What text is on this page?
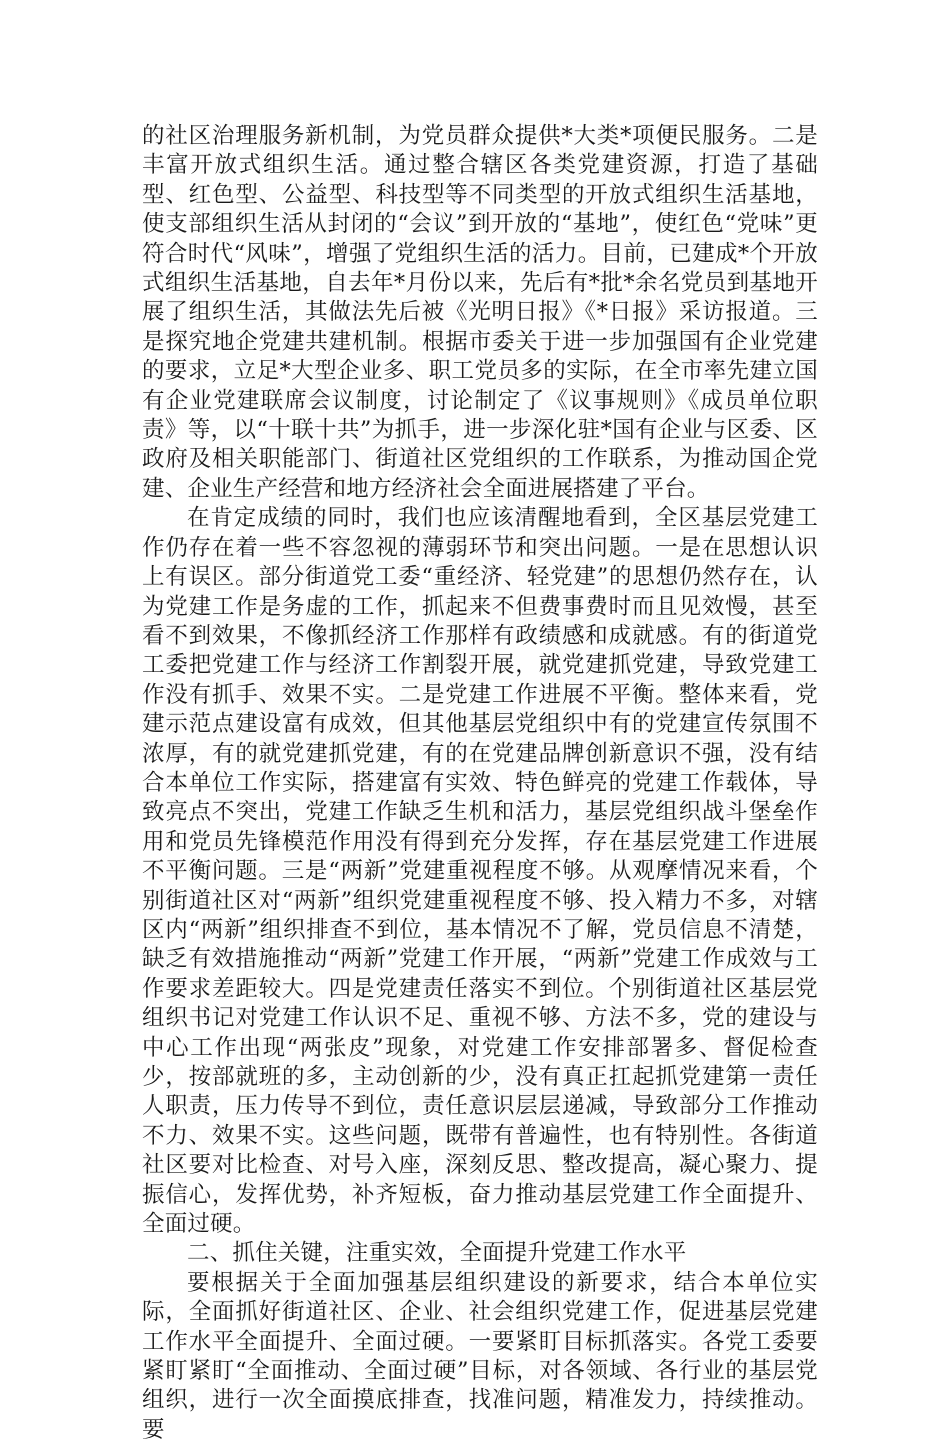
的社区治理服务新机制，为党员群众提供*大类*项便民服务。二是丰富开放式组织生活。通过整合辖区各类党建资源，打造了基础型、红色型、公益型、科技型等不同类型的开放式组织生活基地，使支部组织生活从封闭的“会议”到开放的“基地”，使红色“党味”更符合时代“风味”，增强了党组织生活的活力。目前，已建成*个开放式组织生活基地，自去年*月份以来，先后有*批*余名党员到基地开展了组织生活，其做法先后被《光明日报》《*日报》采访报道。三是探究地企党建共建机制。根据市委关于进一步加强国有企业党建的要求，立足*大型企业多、职工党员多的实际，在全市率先建立国有企业党建联席会议制度，讨论制定了《议事规则》《成员单位职责》等，以“十联十共”为抓手，进一步深化驻*国有企业与区委、区政府及相关职能部门、街道社区党组织的工作联系，为推动国企党建、企业生产经营和地方经济社会全面进展搭建了平台。

在肯定成绩的同时，我们也应该清醒地看到，全区基层党建工作仍存在着一些不容忽视的薄弱环节和突出问题。一是在思想认识上有误区。部分街道党工委“重经济、轻党建”的思想仍然存在，认为党建工作是务虚的工作，抓起来不但费事费时而且见效慢，甚至看不到效果，不像抓经济工作那样有政绩感和成就感。有的街道党工委把党建工作与经济工作割裂开展，就党建抓党建，导致党建工作没有抓手、效果不实。二是党建工作进展不平衡。整体来看，党建示范点建设富有成效，但其他基层党组织中有的党建宣传氛围不浓厚，有的就党建抓党建，有的在党建品牌创新意识不强，没有结合本单位工作实际，搭建富有实效、特色鲜亮的党建工作载体，导致亮点不突出，党建工作缺乏生机和活力，基层党组织战斗堡垒作用和党员先锋模范作用没有得到充分发挥，存在基层党建工作进展不平衡问题。三是“两新”党建重视程度不够。从观摩情况来看，个别街道社区对“两新”组织党建重视程度不够、投入精力不多，对辖区内“两新”组织排查不到位，基本情况不了解，党员信息不清楚，缺乏有效措施推动“两新”党建工作开展，“两新”党建工作成效与工作要求差距较大。四是党建责任落实不到位。个别街道社区基层党组织书记对党建工作认识不足、重视不够、方法不多，党的建设与中心工作出现“两张皮”现象，对党建工作安排部署多、督促检查少，按部就班的多，主动创新的少，没有真正扛起抓党建第一责任人职责，压力传导不到位，责任意识层层递减，导致部分工作推动不力、效果不实。这些问题，既带有普遍性，也有特别性。各街道社区要对比检查、对号入座，深刻反思、整改提高，凝心聚力、提振信心，发挥优势，补齐短板，奋力推动基层党建工作全面提升、全面过硬。

二、抓住关键，注重实效，全面提升党建工作水平

要根据关于全面加强基层组织建设的新要求，结合本单位实际，全面抓好街道社区、企业、社会组织党建工作，促进基层党建工作水平全面提升、全面过硬。一要紧盯目标抓落实。各党工委要紧盯紧盯“全面推动、全面过硬”目标，对各领域、各行业的基层党组织，进行一次全面摸底排查，找准问题，精准发力，持续推动。要
